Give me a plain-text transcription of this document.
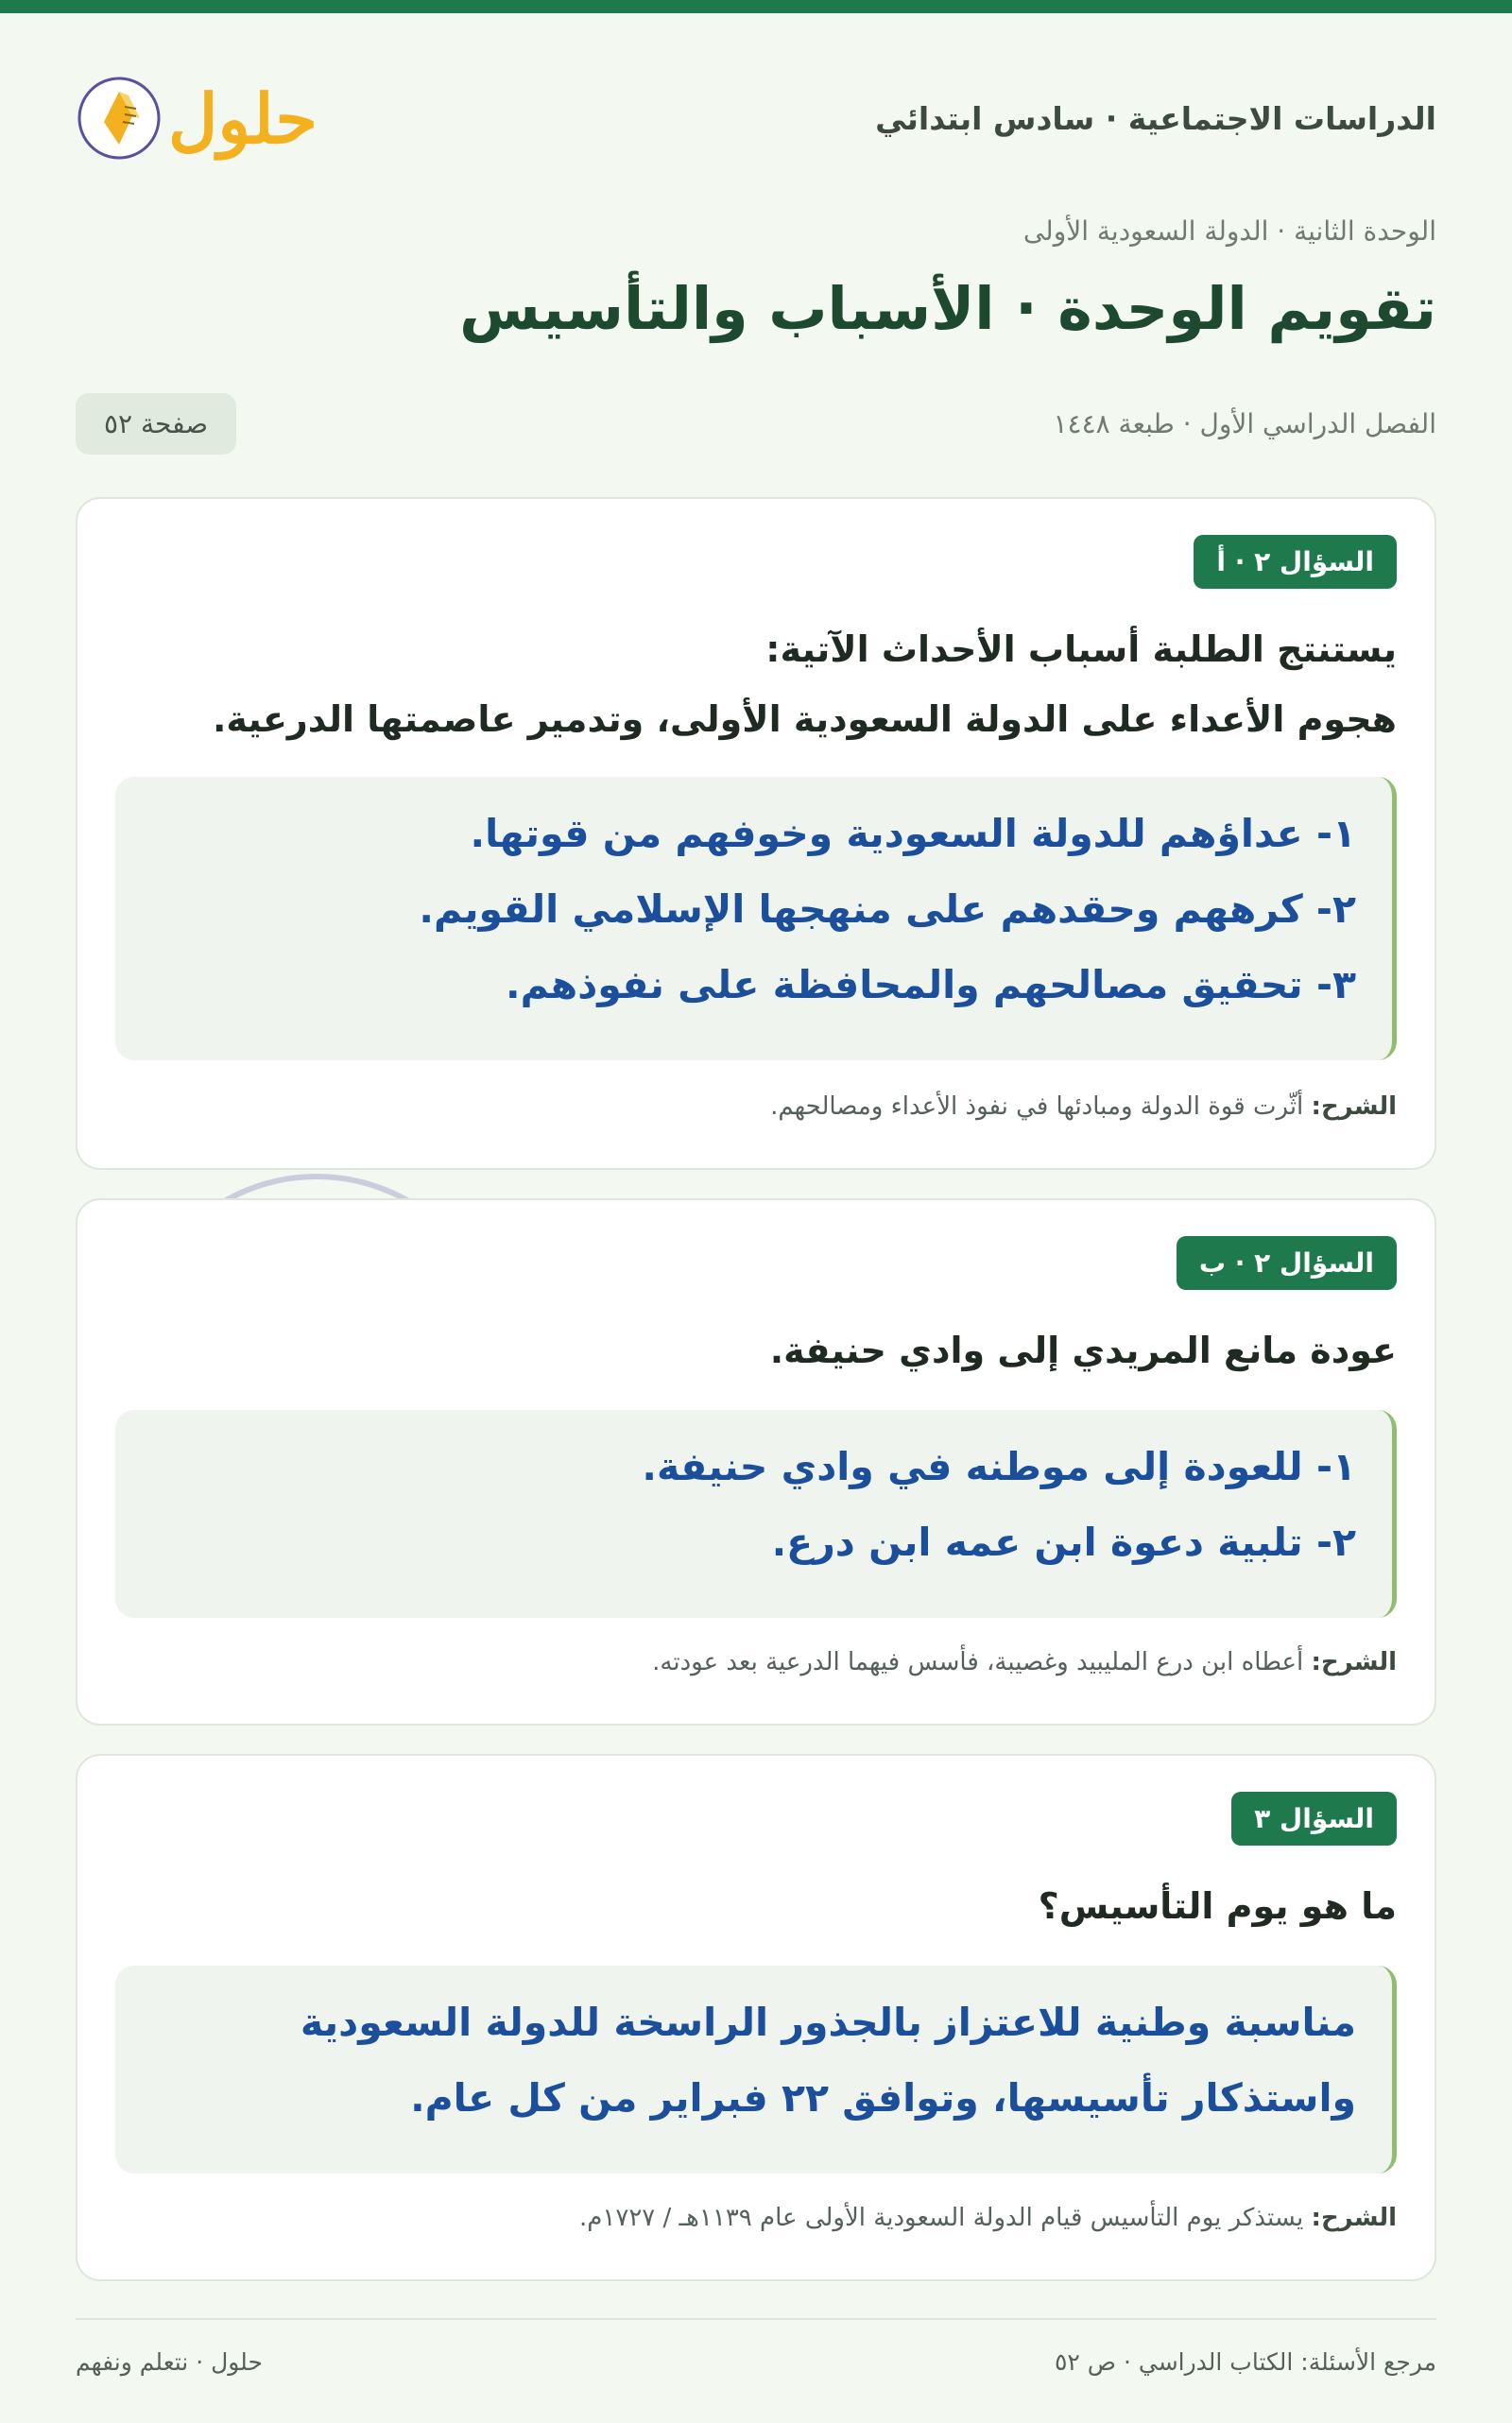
الدراسات الاجتماعية · سادس ابتدائي
حلول
الوحدة الثانية · الدولة السعودية الأولى
تقويم الوحدة · الأسباب والتأسيس
الفصل الدراسي الأول · طبعة ١٤٤٨
صفحة ٥٢
السؤال ٢ · أ
يستنتج الطلبة أسباب الأحداث الآتية:
هجوم الأعداء على الدولة السعودية الأولى، وتدمير عاصمتها الدرعية.
١- عداؤهم للدولة السعودية وخوفهم من قوتها.
٢- كرههم وحقدهم على منهجها الإسلامي القويم.
٣- تحقيق مصالحهم والمحافظة على نفوذهم.
الشرح: أثّرت قوة الدولة ومبادئها في نفوذ الأعداء ومصالحهم.
السؤال ٢ · ب
عودة مانع المريدي إلى وادي حنيفة.
١- للعودة إلى موطنه في وادي حنيفة.
٢- تلبية دعوة ابن عمه ابن درع.
الشرح: أعطاه ابن درع المليبيد وغصيبة، فأسس فيهما الدرعية بعد عودته.
السؤال ٣
ما هو يوم التأسيس؟
مناسبة وطنية للاعتزاز بالجذور الراسخة للدولة السعودية
واستذكار تأسيسها، وتوافق ٢٢ فبراير من كل عام.
الشرح: يستذكر يوم التأسيس قيام الدولة السعودية الأولى عام ١١٣٩هـ / ١٧٢٧م.
مرجع الأسئلة: الكتاب الدراسي · ص ٥٢
حلول · نتعلم ونفهم
